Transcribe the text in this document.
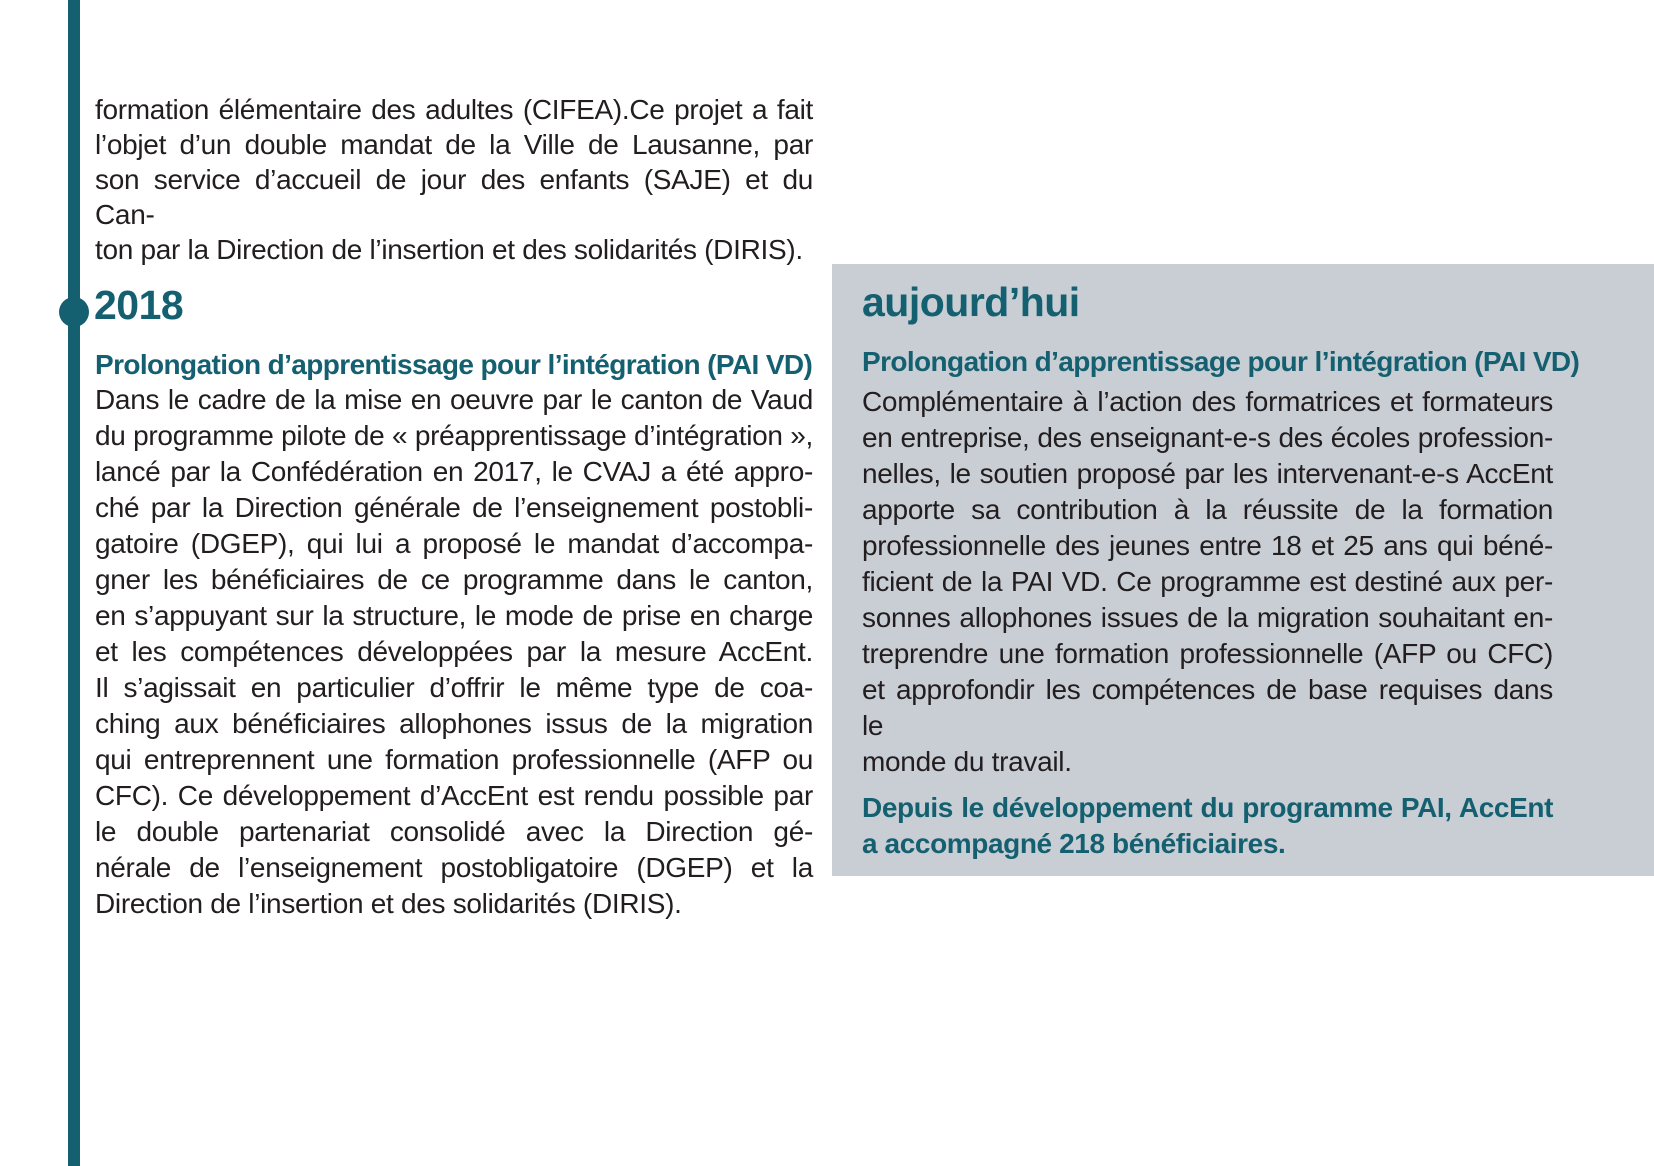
formation élémentaire des adultes (CIFEA).Ce projet a fait
l’objet d’un double mandat de la Ville de Lausanne, par
son service d’accueil de jour des enfants (SAJE) et du Can-
ton par la Direction de l’insertion et des solidarités (DIRIS).
2018
Prolongation d’apprentissage pour l’intégration (PAI VD)
Dans le cadre de la mise en oeuvre par le canton de Vaud
du programme pilote de « préapprentissage d’intégration »,
lancé par la Confédération en 2017, le CVAJ a été appro-
ché par la Direction générale de l’enseignement postobli-
gatoire (DGEP), qui lui a proposé le mandat d’accompa-
gner les bénéficiaires de ce programme dans le canton,
en s’appuyant sur la structure, le mode de prise en charge
et les compétences développées par la mesure AccEnt.
Il s’agissait en particulier d’offrir le même type de coa-
ching aux bénéficiaires allophones issus de la migration
qui entreprennent une formation professionnelle (AFP ou
CFC). Ce développement d’AccEnt est rendu possible par
le double partenariat consolidé avec la Direction gé-
nérale de l’enseignement postobligatoire (DGEP) et la
Direction de l’insertion et des solidarités (DIRIS).
aujourd’hui
Prolongation d’apprentissage pour l’intégration (PAI VD)
Complémentaire à l’action des formatrices et formateurs
en entreprise, des enseignant-e-s des écoles profession-
nelles, le soutien proposé par les intervenant-e-s AccEnt
apporte sa contribution à la réussite de la formation
professionnelle des jeunes entre 18 et 25 ans qui béné-
ficient de la PAI VD. Ce programme est destiné aux per-
sonnes allophones issues de la migration souhaitant en-
treprendre une formation professionnelle (AFP ou CFC)
et approfondir les compétences de base requises dans le
monde du travail.
Depuis le développement du programme PAI, AccEnt
a accompagné 218 bénéficiaires.
